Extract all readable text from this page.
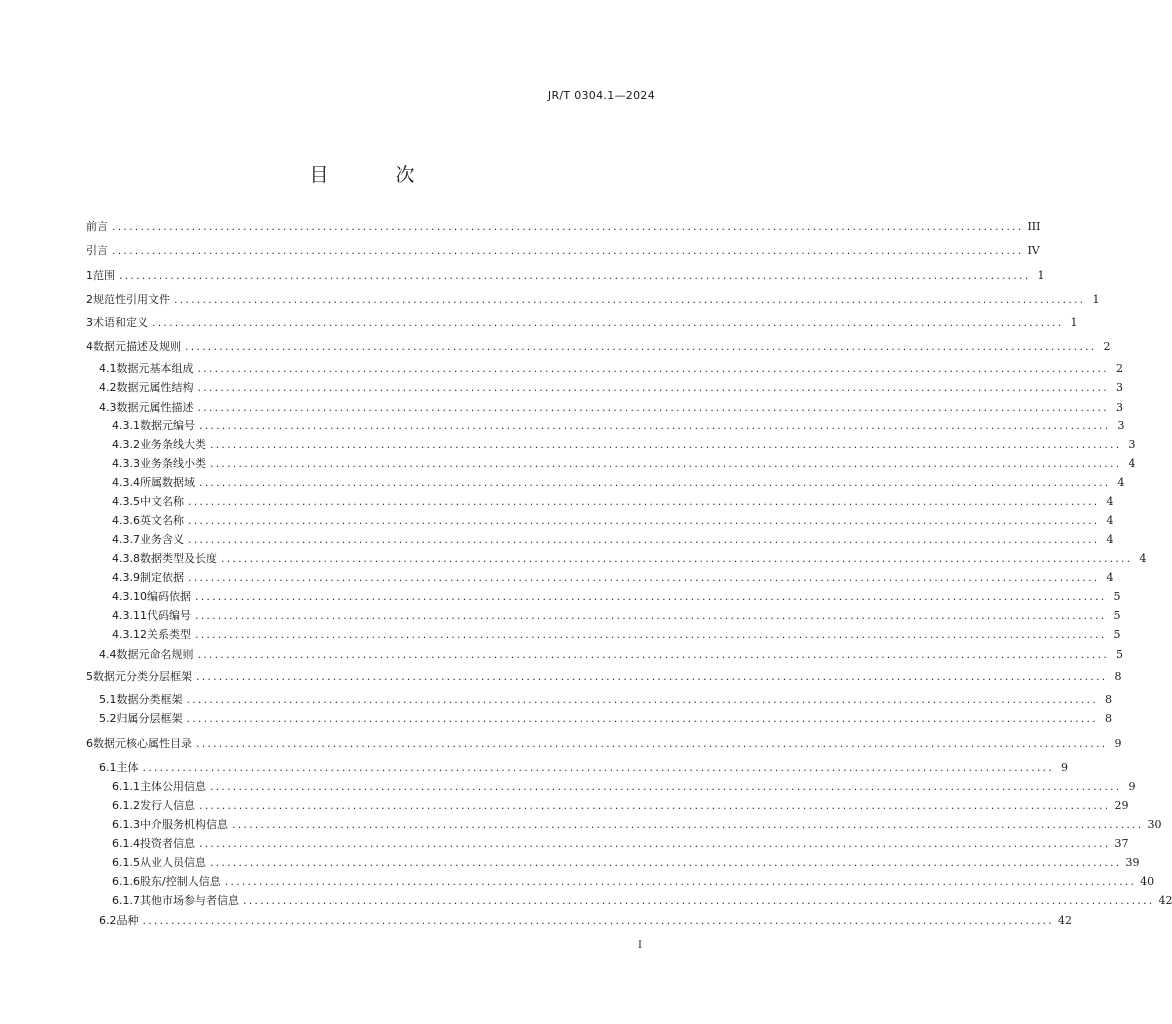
JR/T 0304.1—2024
目　次
前言 ................................................................................................................................................................ III
引言 ................................................................................................................................................................ IV
1 范围 ................................................................................................................................................................ 1
2 规范性引用文件 ................................................................................................................................................................ 1
3 术语和定义 ................................................................................................................................................................ 1
4 数据元描述及规则 ................................................................................................................................................................ 2
4.1 数据元基本组成 ................................................................................................................................................................ 2
4.2 数据元属性结构 ................................................................................................................................................................ 3
4.3 数据元属性描述 ................................................................................................................................................................ 3
4.3.1 数据元编号 ................................................................................................................................................................ 3
4.3.2 业务条线大类 ................................................................................................................................................................ 3
4.3.3 业务条线小类 ................................................................................................................................................................ 4
4.3.4 所属数据域 ................................................................................................................................................................ 4
4.3.5 中文名称 ................................................................................................................................................................ 4
4.3.6 英文名称 ................................................................................................................................................................ 4
4.3.7 业务含义 ................................................................................................................................................................ 4
4.3.8 数据类型及长度 ................................................................................................................................................................ 4
4.3.9 制定依据 ................................................................................................................................................................ 4
4.3.10 编码依据 ................................................................................................................................................................ 5
4.3.11 代码编号 ................................................................................................................................................................ 5
4.3.12 关系类型 ................................................................................................................................................................ 5
4.4 数据元命名规则 ................................................................................................................................................................ 5
5 数据元分类分层框架 ................................................................................................................................................................ 8
5.1 数据分类框架 ................................................................................................................................................................ 8
5.2 归属分层框架 ................................................................................................................................................................ 8
6 数据元核心属性目录 ................................................................................................................................................................ 9
6.1 主体 ................................................................................................................................................................ 9
6.1.1 主体公用信息 ................................................................................................................................................................ 9
6.1.2 发行人信息 ................................................................................................................................................................ 29
6.1.3 中介服务机构信息 ................................................................................................................................................................ 30
6.1.4 投资者信息 ................................................................................................................................................................ 37
6.1.5 从业人员信息 ................................................................................................................................................................ 39
6.1.6 股东/控制人信息 ................................................................................................................................................................ 40
6.1.7 其他市场参与者信息 ................................................................................................................................................................ 42
6.2 品种 ................................................................................................................................................................ 42
I
